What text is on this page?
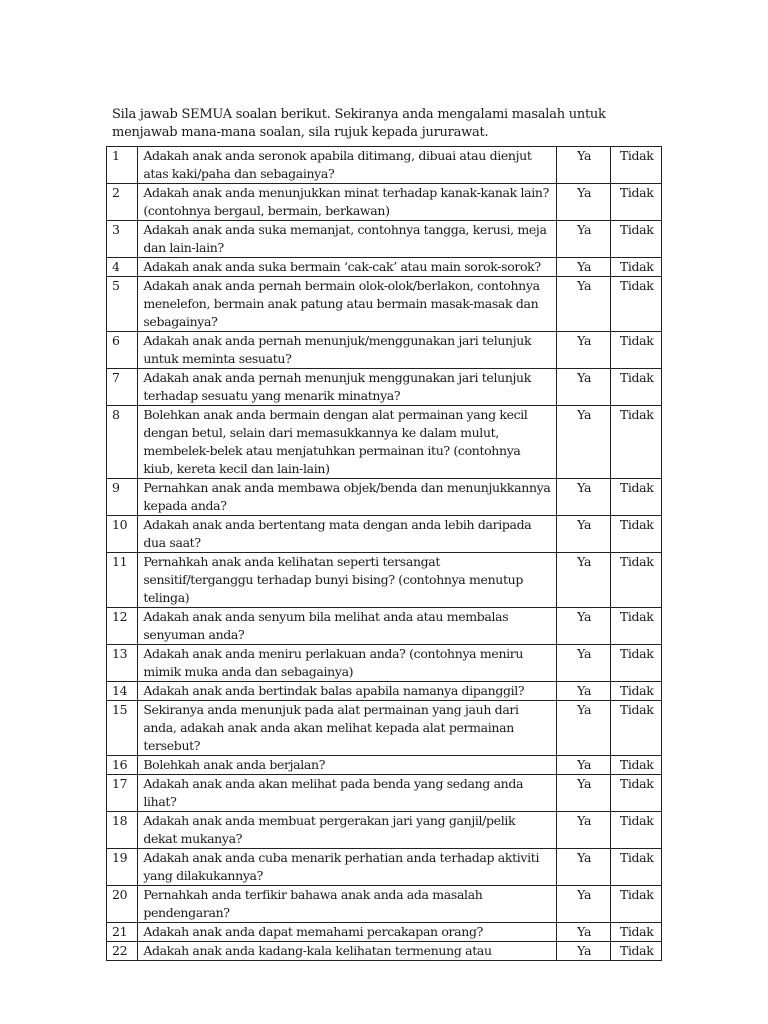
Sila jawab SEMUA soalan berikut. Sekiranya anda mengalami masalah untuk menjawab mana-mana soalan, sila rujuk kepada jururawat.

1	Adakah anak anda seronok apabila ditimang, dibuai atau dienjut atas kaki/paha dan sebagainya?	Ya	Tidak
2	Adakah anak anda menunjukkan minat terhadap kanak-kanak lain? (contohnya bergaul, bermain, berkawan)	Ya	Tidak
3	Adakah anak anda suka memanjat, contohnya tangga, kerusi, meja dan lain-lain?	Ya	Tidak
4	Adakah anak anda suka bermain ‘cak-cak’ atau main sorok-sorok?	Ya	Tidak
5	Adakah anak anda pernah bermain olok-olok/berlakon, contohnya menelefon, bermain anak patung atau bermain masak-masak dan sebagainya?	Ya	Tidak
6	Adakah anak anda pernah menunjuk/menggunakan jari telunjuk untuk meminta sesuatu?	Ya	Tidak
7	Adakah anak anda pernah menunjuk menggunakan jari telunjuk terhadap sesuatu yang menarik minatnya?	Ya	Tidak
8	Bolehkan anak anda bermain dengan alat permainan yang kecil dengan betul, selain dari memasukkannya ke dalam mulut, membelek-belek atau menjatuhkan permainan itu? (contohnya kiub, kereta kecil dan lain-lain)	Ya	Tidak
9	Pernahkan anak anda membawa objek/benda dan menunjukkannya kepada anda?	Ya	Tidak
10	Adakah anak anda bertentang mata dengan anda lebih daripada dua saat?	Ya	Tidak
11	Pernahkah anak anda kelihatan seperti tersangat sensitif/terganggu terhadap bunyi bising? (contohnya menutup telinga)	Ya	Tidak
12	Adakah anak anda senyum bila melihat anda atau membalas senyuman anda?	Ya	Tidak
13	Adakah anak anda meniru perlakuan anda? (contohnya meniru mimik muka anda dan sebagainya)	Ya	Tidak
14	Adakah anak anda bertindak balas apabila namanya dipanggil?	Ya	Tidak
15	Sekiranya anda menunjuk pada alat permainan yang jauh dari anda, adakah anak anda akan melihat kepada alat permainan tersebut?	Ya	Tidak
16	Bolehkah anak anda berjalan?	Ya	Tidak
17	Adakah anak anda akan melihat pada benda yang sedang anda lihat?	Ya	Tidak
18	Adakah anak anda membuat pergerakan jari yang ganjil/pelik dekat mukanya?	Ya	Tidak
19	Adakah anak anda cuba menarik perhatian anda terhadap aktiviti yang dilakukannya?	Ya	Tidak
20	Pernahkah anda terfikir bahawa anak anda ada masalah pendengaran?	Ya	Tidak
21	Adakah anak anda dapat memahami percakapan orang?	Ya	Tidak
22	Adakah anak anda kadang-kala kelihatan termenung atau	Ya	Tidak
